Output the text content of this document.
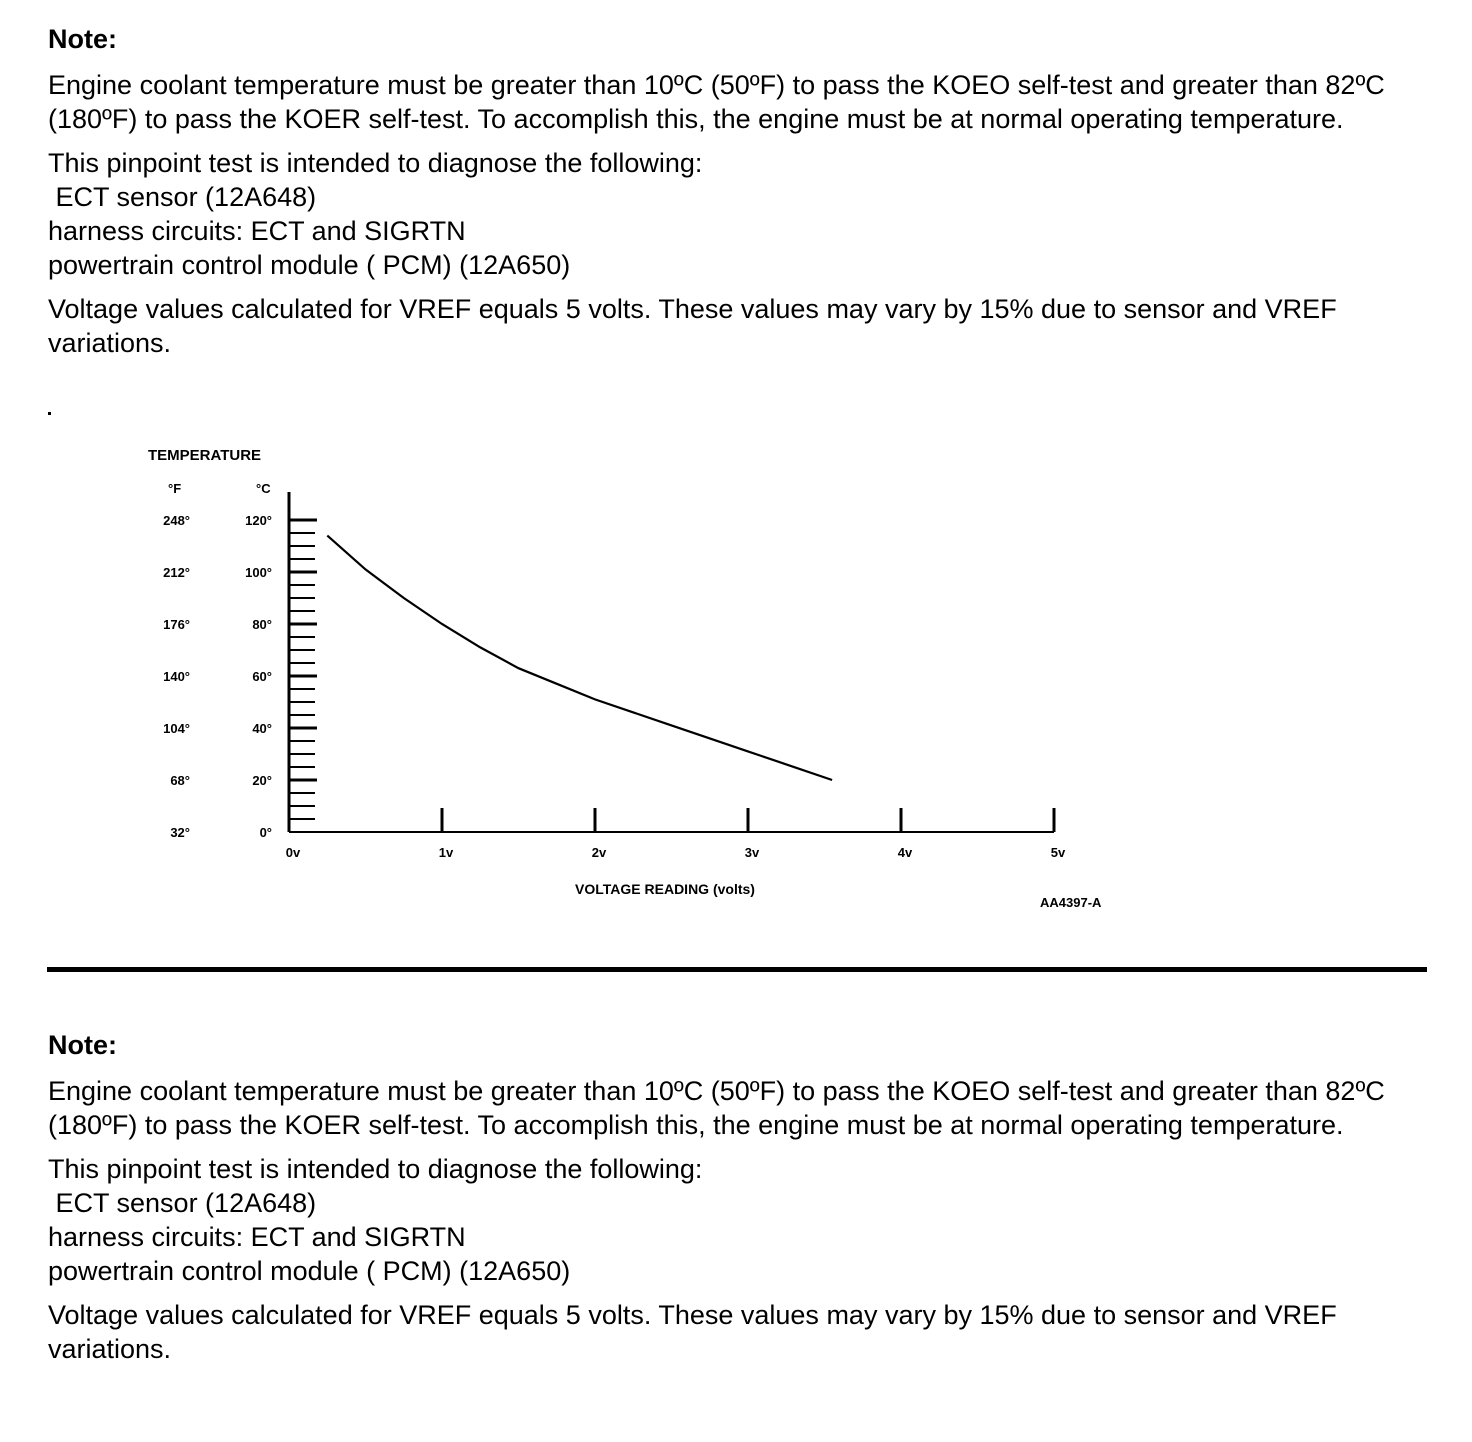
Note:

Engine coolant temperature must be greater than 10ºC (50ºF) to pass the KOEO self-test and greater than 82ºC (180ºF) to pass the KOER self-test. To accomplish this, the engine must be at normal operating temperature.

This pinpoint test is intended to diagnose the following:

ECT sensor (12A648)

harness circuits: ECT and SIGRTN

powertrain control module ( PCM) (12A650)

Voltage values calculated for VREF equals 5 volts. These values may vary by 15% due to sensor and VREF variations.

TEMPERATURE
°F	°C
248°
212°
176°
140°
104°
68°
32°
120°
100°
80°
60°
40°
20°
0°
0v	1v	2v	3v	4v	5v
VOLTAGE READING (volts)
AA4397-A

Note:

Engine coolant temperature must be greater than 10ºC (50ºF) to pass the KOEO self-test and greater than 82ºC (180ºF) to pass the KOER self-test. To accomplish this, the engine must be at normal operating temperature.

This pinpoint test is intended to diagnose the following:

ECT sensor (12A648)

harness circuits: ECT and SIGRTN

powertrain control module ( PCM) (12A650)

Voltage values calculated for VREF equals 5 volts. These values may vary by 15% due to sensor and VREF variations.
